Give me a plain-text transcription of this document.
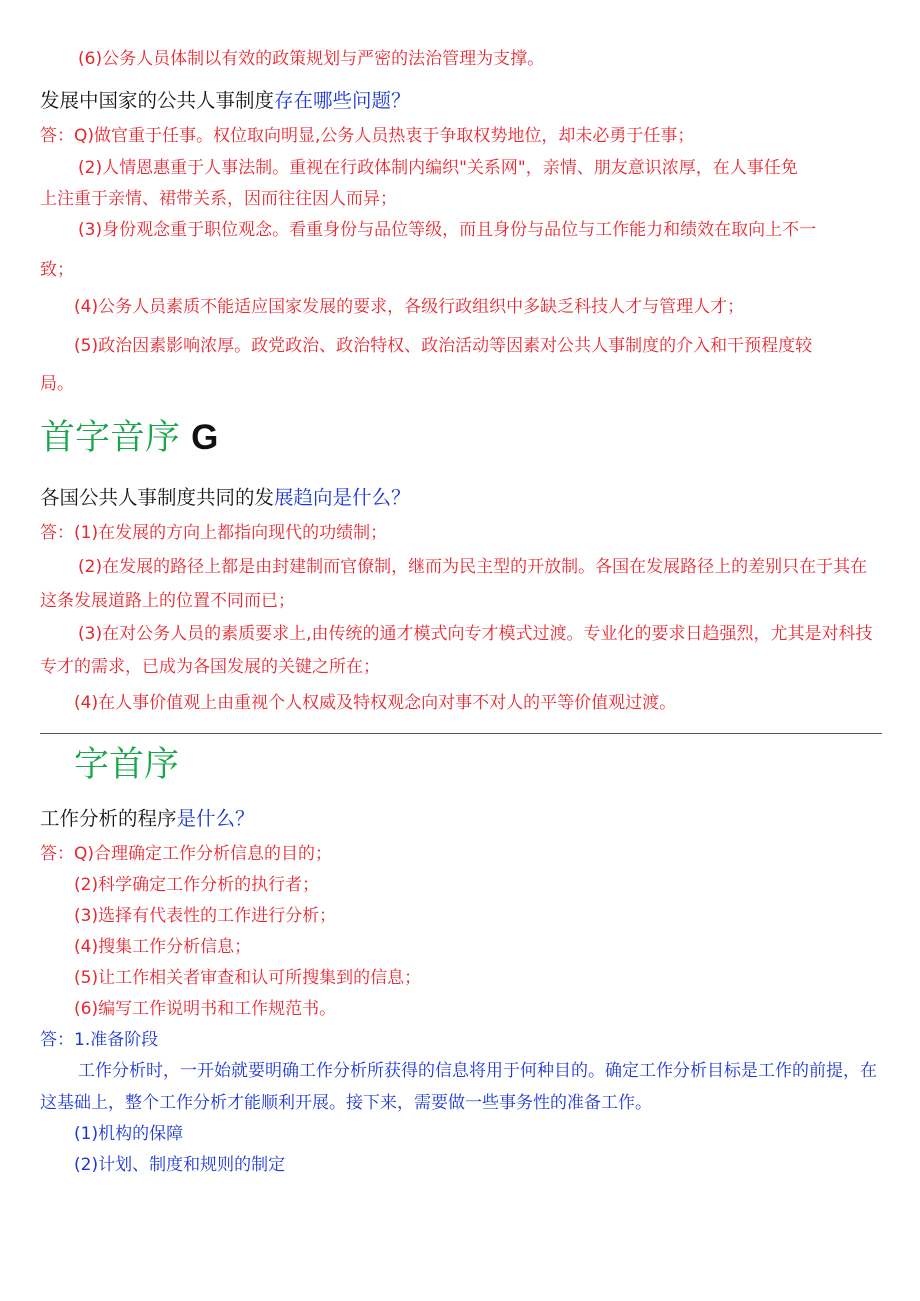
(6)公务人员体制以有效的政策规划与严密的法治管理为支撑。
发展中国家的公共人事制度存在哪些问题？
答：Q)做官重于任事。权位取向明显,公务人员热衷于争取权势地位，却未必勇于任事；
(2)人情恩惠重于人事法制。重视在行政体制内编织"关系网"，亲情、朋友意识浓厚，在人事任免
上注重于亲情、裙带关系，因而往往因人而异；
(3)身份观念重于职位观念。看重身份与品位等级，而且身份与品位与工作能力和绩效在取向上不一
致；
(4)公务人员素质不能适应国家发展的要求，各级行政组织中多缺乏科技人才与管理人才；
(5)政治因素影响浓厚。政党政治、政治特权、政治活动等因素对公共人事制度的介入和干预程度较
局。
首字音序 G
各国公共人事制度共同的发展趋向是什么？
答：(1)在发展的方向上都指向现代的功绩制；
(2)在发展的路径上都是由封建制而官僚制，继而为民主型的开放制。各国在发展路径上的差别只在于其在
这条发展道路上的位置不同而已；
(3)在对公务人员的素质要求上,由传统的通才模式向专才模式过渡。专业化的要求日趋强烈，尤其是对科技
专才的需求，已成为各国发展的关键之所在；
(4)在人事价值观上由重视个人权威及特权观念向对事不对人的平等价值观过渡。
字首序
工作分析的程序是什么？
答：Q)合理确定工作分析信息的目的；
(2)科学确定工作分析的执行者；
(3)选择有代表性的工作进行分析；
(4)搜集工作分析信息；
(5)让工作相关者审查和认可所搜集到的信息；
(6)编写工作说明书和工作规范书。
答：1.准备阶段
工作分析时，一开始就要明确工作分析所获得的信息将用于何种目的。确定工作分析目标是工作的前提，在
这基础上，整个工作分析才能顺利开展。接下来，需要做一些事务性的准备工作。
(1)机构的保障
(2)计划、制度和规则的制定
